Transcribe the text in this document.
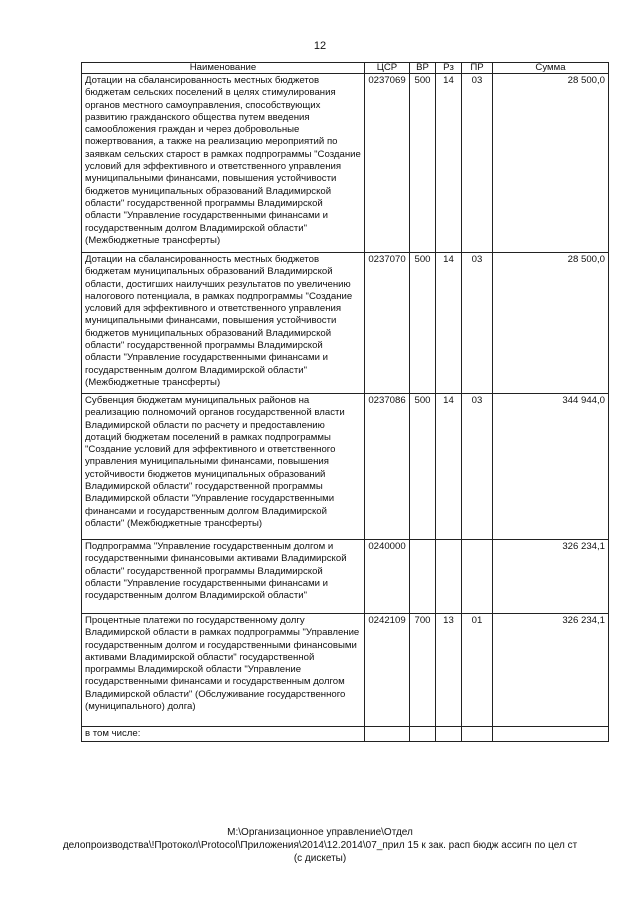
12
Наименование	ЦСР	ВР	Рз	ПР	Сумма
Дотации на сбалансированность местных бюджетов бюджетам сельских поселений в целях стимулирования органов местного самоуправления, способствующих развитию гражданского общества путем введения самообложения граждан и через добровольные пожертвования, а также на реализацию мероприятий по заявкам сельских старост в рамках подпрограммы "Создание условий для эффективного и ответственного управления муниципальными финансами, повышения устойчивости бюджетов муниципальных образований Владимирской области" государственной программы Владимирской области "Управление государственными финансами и государственным долгом Владимирской области" (Межбюджетные трансферты)	0237069	500	14	03	28 500,0
Дотации на сбалансированность местных бюджетов бюджетам муниципальных образований Владимирской области, достигших наилучших результатов по увеличению налогового потенциала, в рамках подпрограммы "Создание условий для эффективного и ответственного управления муниципальными финансами, повышения устойчивости бюджетов муниципальных образований Владимирской области" государственной программы Владимирской области "Управление государственными финансами и государственным долгом Владимирской области" (Межбюджетные трансферты)	0237070	500	14	03	28 500,0
Субвенция бюджетам муниципальных районов на реализацию полномочий органов государственной власти Владимирской области по расчету и предоставлению дотаций бюджетам поселений в рамках подпрограммы "Создание условий для эффективного и ответственного управления муниципальными финансами, повышения устойчивости бюджетов муниципальных образований Владимирской области" государственной программы Владимирской области "Управление государственными финансами и государственным долгом Владимирской области" (Межбюджетные трансферты)	0237086	500	14	03	344 944,0
Подпрограмма "Управление государственным долгом и государственными финансовыми активами Владимирской области" государственной программы Владимирской области "Управление государственными финансами и государственным долгом Владимирской области"	0240000				326 234,1
Процентные платежи по государственному долгу Владимирской области в рамках подпрограммы "Управление государственным долгом и государственными финансовыми активами Владимирской области" государственной программы Владимирской области "Управление государственными финансами и государственным долгом Владимирской области" (Обслуживание государственного (муниципального) долга)	0242109	700	13	01	326 234,1
в том числе:					
М:\Организационное управление\Отдел
делопроизводства\!Протокол\Protocol\Приложения\2014\12.2014\07_прил 15 к зак. расп бюдж ассигн по цел ст
(с дискеты)
